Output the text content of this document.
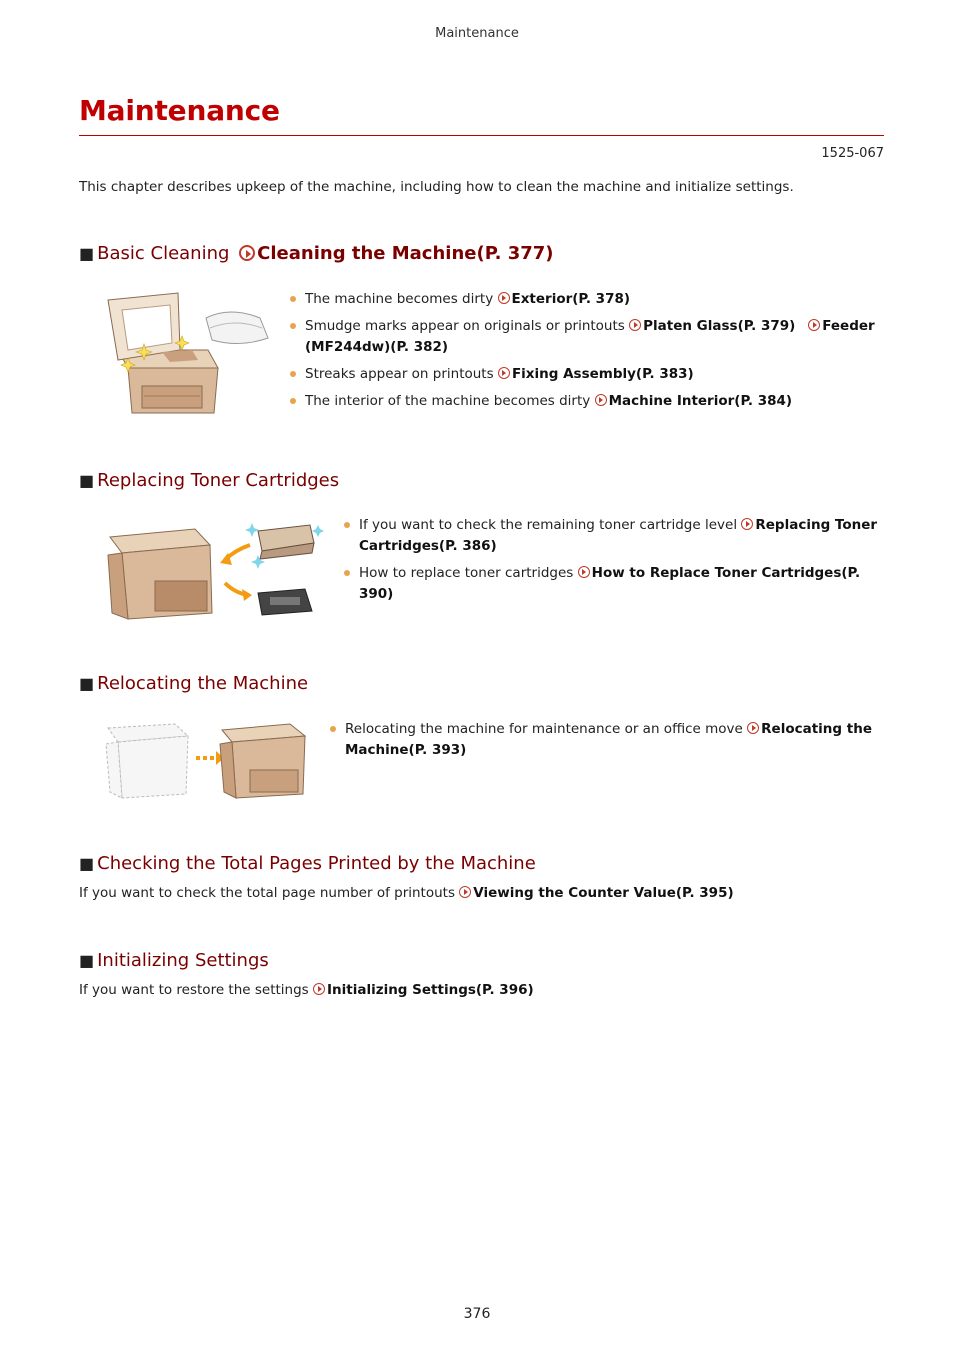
Maintenance
Maintenance
1525-067

This chapter describes upkeep of the machine, including how to clean the machine and initialize settings.

■ Basic Cleaning Cleaning the Machine(P. 377)
The machine becomes dirty Exterior(P. 378)
Smudge marks appear on originals or printouts Platen Glass(P. 379) Feeder (MF244dw)(P. 382)
Streaks appear on printouts Fixing Assembly(P. 383)
The interior of the machine becomes dirty Machine Interior(P. 384)
■ Replacing Toner Cartridges
If you want to check the remaining toner cartridge level Replacing Toner Cartridges(P. 386)
How to replace toner cartridges How to Replace Toner Cartridges(P. 390)
■ Relocating the Machine
Relocating the machine for maintenance or an office move Relocating the Machine(P. 393)
■ Checking the Total Pages Printed by the Machine

If you want to check the total page number of printouts Viewing the Counter Value(P. 395)

■ Initializing Settings

If you want to restore the settings Initializing Settings(P. 396)

376
